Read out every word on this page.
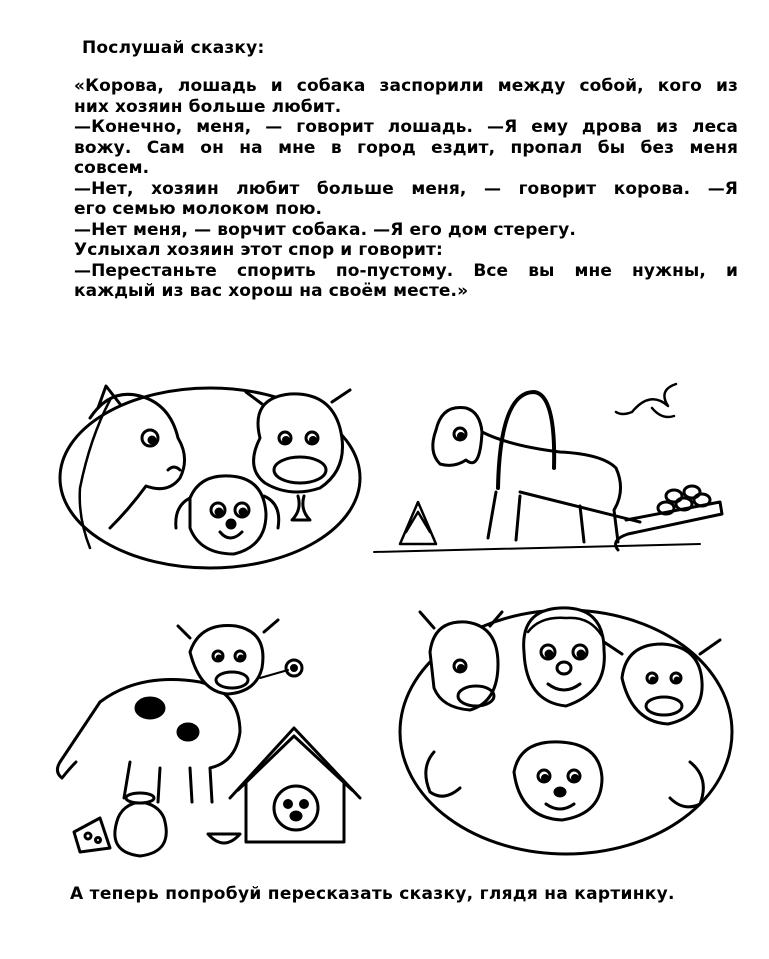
Послушай сказку:
«Корова, лошадь и собака заспорили между собой, кого из
них хозяин больше любит.
—Конечно, меня, — говорит лошадь. —Я ему дрова из леса
вожу. Сам он на мне в город ездит, пропал бы без меня
совсем.
—Нет, хозяин любит больше меня, — говорит корова. —Я
его семью молоком пою.
—Нет меня, — ворчит собака. —Я его дом стерегу.
Услыхал хозяин этот спор и говорит:
—Перестаньте спорить по-пустому. Все вы мне нужны, и
каждый из вас хорош на своём месте.»
А теперь попробуй пересказать сказку, глядя на картинку.
